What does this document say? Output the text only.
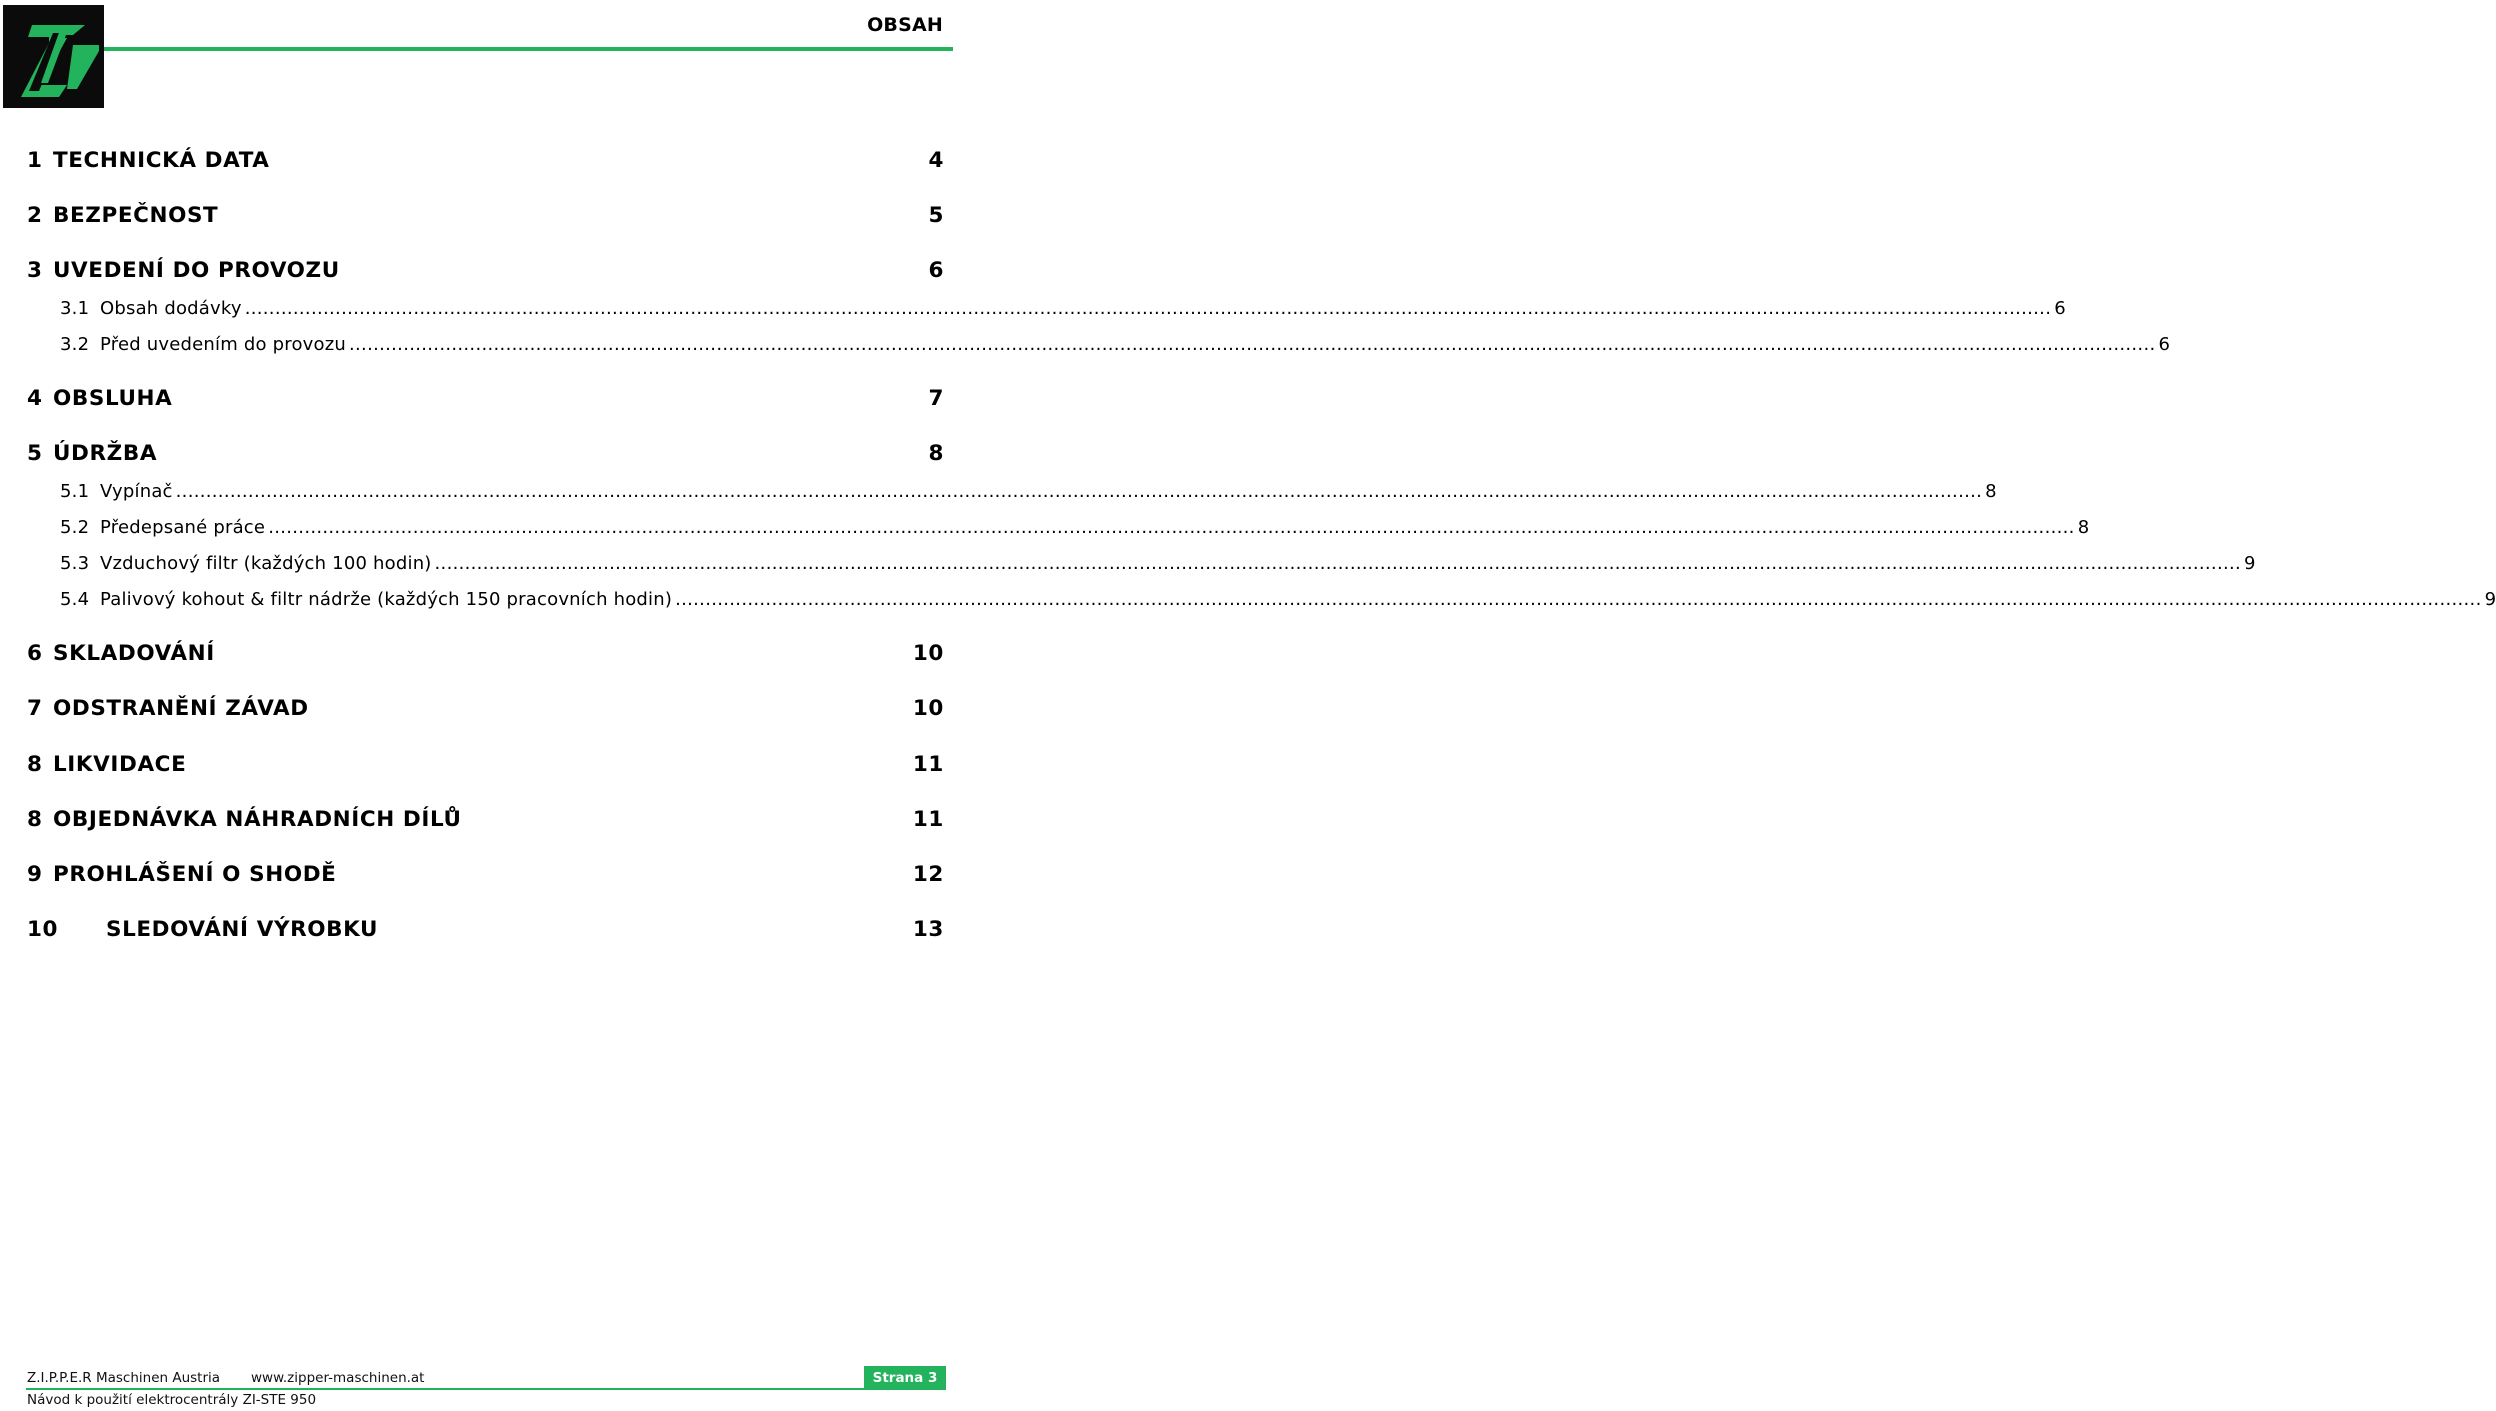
OBSAH
1 TECHNICKÁ DATA	4
2 BEZPEČNOST	5
3 UVEDENÍ DO PROVOZU	6
3.1 Obsah dodávky ............................................................................................................................................................................................................................................................................................................ 6
3.2 Před uvedením do provozu ............................................................................................................................................................................................................................................................................................................ 6
4 OBSLUHA	7
5 ÚDRŽBA	8
5.1 Vypínač ............................................................................................................................................................................................................................................................................................................ 8
5.2 Předepsané práce ............................................................................................................................................................................................................................................................................................................ 8
5.3 Vzduchový filtr (každých 100 hodin) ............................................................................................................................................................................................................................................................................................................ 9
5.4 Palivový kohout & filtr nádrže (každých 150 pracovních hodin) ............................................................................................................................................................................................................................................................................................................ 9
6 SKLADOVÁNÍ	10
7 ODSTRANĚNÍ ZÁVAD	10
8 LIKVIDACE	11
8 OBJEDNÁVKA NÁHRADNÍCH DÍLŮ	11
9 PROHLÁŠENÍ O SHODĚ	12
10 SLEDOVÁNÍ VÝROBKU	13
Z.I.P.P.E.R Maschinen Austria www.zipper-maschinen.at	Strana 3
Návod k použití elektrocentrály ZI-STE 950
